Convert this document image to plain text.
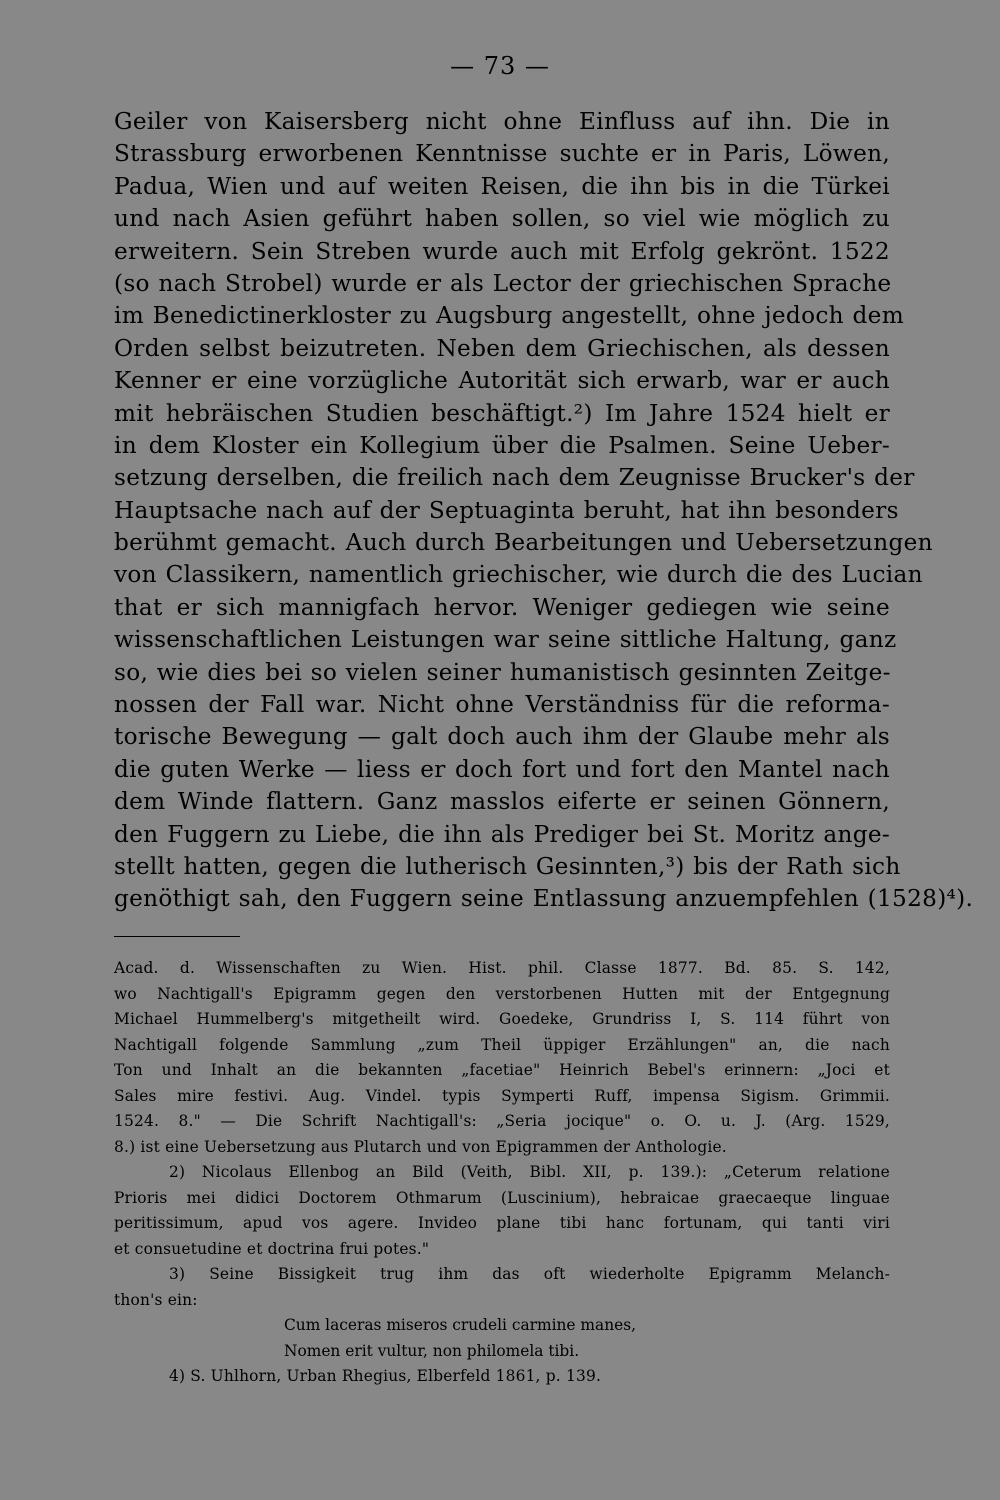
— 73 —
Geiler von Kaisersberg nicht ohne Einfluss auf ihn. Die in
Strassburg erworbenen Kenntnisse suchte er in Paris, Löwen,
Padua, Wien und auf weiten Reisen, die ihn bis in die Türkei
und nach Asien geführt haben sollen, so viel wie möglich zu
erweitern. Sein Streben wurde auch mit Erfolg gekrönt. 1522
(so nach Strobel) wurde er als Lector der griechischen Sprache
im Benedictinerkloster zu Augsburg angestellt, ohne jedoch dem
Orden selbst beizutreten. Neben dem Griechischen, als dessen
Kenner er eine vorzügliche Autorität sich erwarb, war er auch
mit hebräischen Studien beschäftigt.²) Im Jahre 1524 hielt er
in dem Kloster ein Kollegium über die Psalmen. Seine Ueber-
setzung derselben, die freilich nach dem Zeugnisse Brucker's der
Hauptsache nach auf der Septuaginta beruht, hat ihn besonders
berühmt gemacht. Auch durch Bearbeitungen und Uebersetzungen
von Classikern, namentlich griechischer, wie durch die des Lucian
that er sich mannigfach hervor. Weniger gediegen wie seine
wissenschaftlichen Leistungen war seine sittliche Haltung, ganz
so, wie dies bei so vielen seiner humanistisch gesinnten Zeitge-
nossen der Fall war. Nicht ohne Verständniss für die reforma-
torische Bewegung — galt doch auch ihm der Glaube mehr als
die guten Werke — liess er doch fort und fort den Mantel nach
dem Winde flattern. Ganz masslos eiferte er seinen Gönnern,
den Fuggern zu Liebe, die ihn als Prediger bei St. Moritz ange-
stellt hatten, gegen die lutherisch Gesinnten,³) bis der Rath sich
genöthigt sah, den Fuggern seine Entlassung anzuempfehlen (1528)⁴).
Acad. d. Wissenschaften zu Wien. Hist. phil. Classe 1877. Bd. 85. S. 142,
wo Nachtigall's Epigramm gegen den verstorbenen Hutten mit der Entgegnung
Michael Hummelberg's mitgetheilt wird. Goedeke, Grundriss I, S. 114 führt von
Nachtigall folgende Sammlung „zum Theil üppiger Erzählungen" an, die nach
Ton und Inhalt an die bekannten „facetiae" Heinrich Bebel's erinnern: „Joci et
Sales mire festivi. Aug. Vindel. typis Symperti Ruff, impensa Sigism. Grimmii.
1524. 8." — Die Schrift Nachtigall's: „Seria jocique" o. O. u. J. (Arg. 1529,
8.) ist eine Uebersetzung aus Plutarch und von Epigrammen der Anthologie.
2) Nicolaus Ellenbog an Bild (Veith, Bibl. XII, p. 139.): „Ceterum relatione
Prioris mei didici Doctorem Othmarum (Luscinium), hebraicae graecaeque linguae
peritissimum, apud vos agere. Invideo plane tibi hanc fortunam, qui tanti viri
et consuetudine et doctrina frui potes."
3) Seine Bissigkeit trug ihm das oft wiederholte Epigramm Melanch-
thon's ein:
Cum laceras miseros crudeli carmine manes,
Nomen erit vultur, non philomela tibi.
4) S. Uhlhorn, Urban Rhegius, Elberfeld 1861, p. 139.
